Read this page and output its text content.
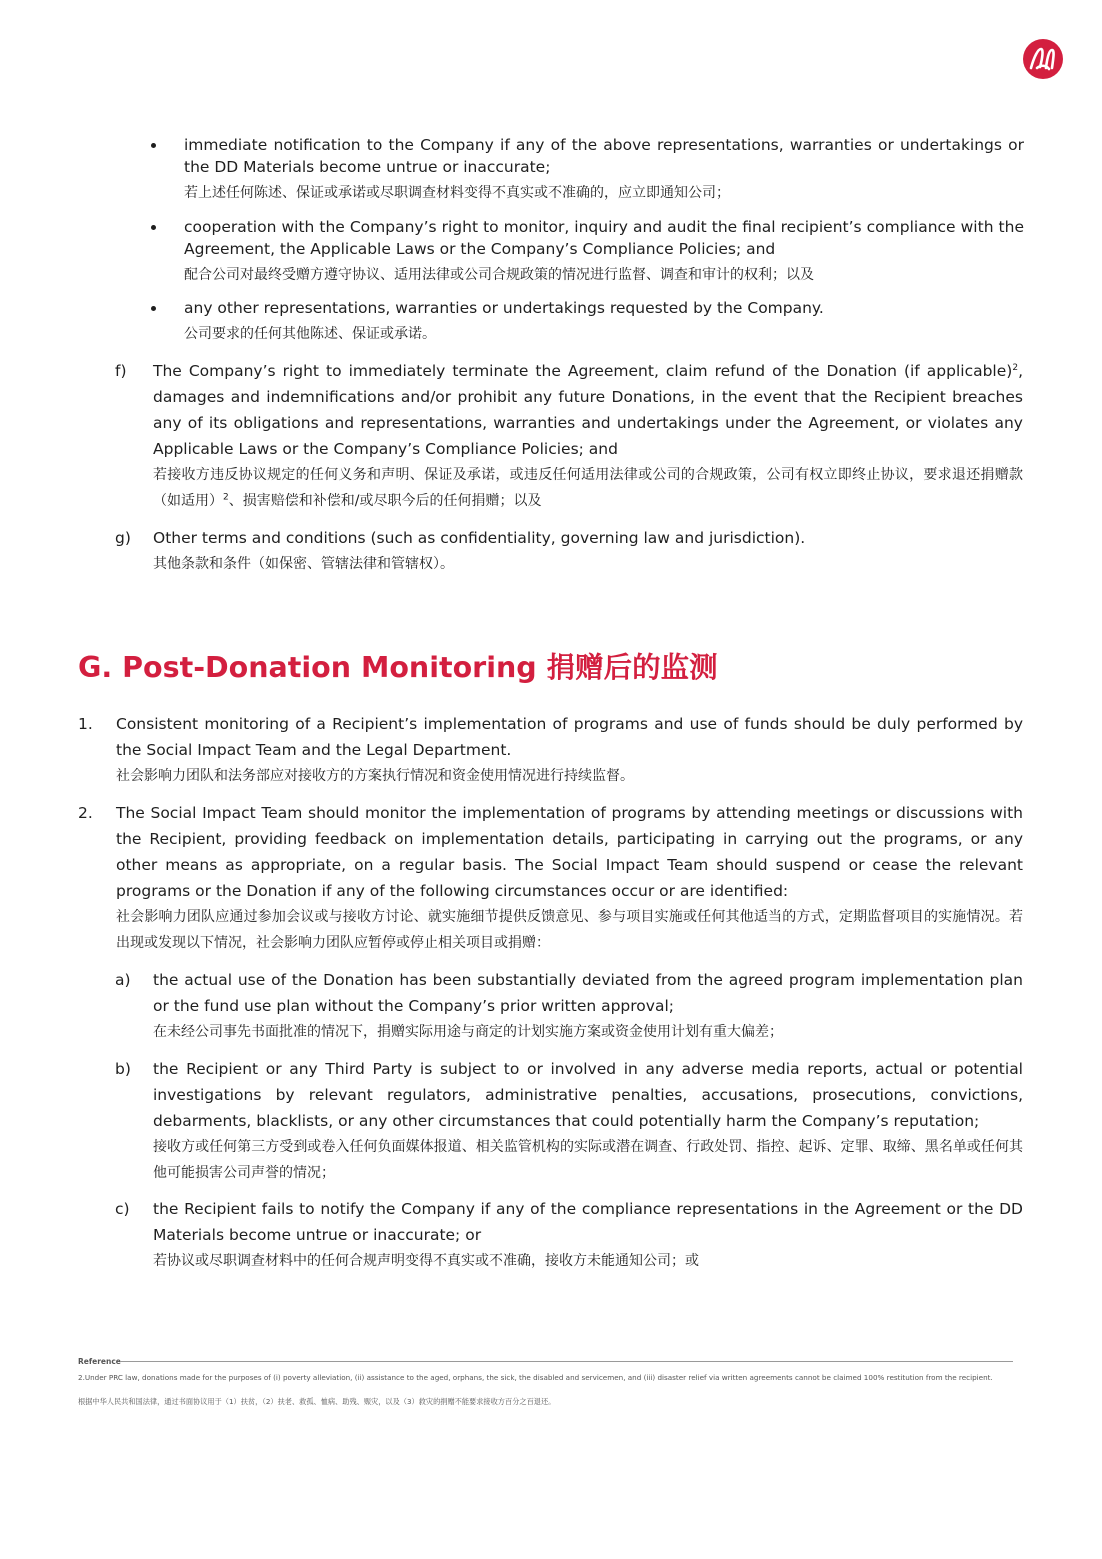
immediate notification to the Company if any of the above representations, warranties or undertakings or the DD Materials become untrue or inaccurate;

若上述任何陈述、保证或承诺或尽职调查材料变得不真实或不准确的，应立即通知公司；

cooperation with the Company’s right to monitor, inquiry and audit the final recipient’s compliance with the Agreement, the Applicable Laws or the Company’s Compliance Policies; and

配合公司对最终受赠方遵守协议、适用法律或公司合规政策的情况进行监督、调查和审计的权利；以及

any other representations, warranties or undertakings requested by the Company.

公司要求的任何其他陈述、保证或承诺。

f) The Company’s right to immediately terminate the Agreement, claim refund of the Donation (if applicable)$^2$, damages and indemnifications and/or prohibit any future Donations, in the event that the Recipient breaches any of its obligations and representations, warranties and undertakings under the Agreement, or violates any Applicable Laws or the Company’s Compliance Policies; and

若接收方违反协议规定的任何义务和声明、保证及承诺，或违反任何适用法律或公司的合规政策，公司有权立即终止协议，要求退还捐赠款（如适用）$^2$、损害赔偿和补偿和/或尽职今后的任何捐赠；以及

g) Other terms and conditions (such as confidentiality, governing law and jurisdiction).

其他条款和条件（如保密、管辖法律和管辖权）。

G. Post-Donation Monitoring 捐赠后的监测
1. Consistent monitoring of a Recipient’s implementation of programs and use of funds should be duly performed by the Social Impact Team and the Legal Department.

社会影响力团队和法务部应对接收方的方案执行情况和资金使用情况进行持续监督。

2. The Social Impact Team should monitor the implementation of programs by attending meetings or discussions with the Recipient, providing feedback on implementation details, participating in carrying out the programs, or any other means as appropriate, on a regular basis. The Social Impact Team should suspend or cease the relevant programs or the Donation if any of the following circumstances occur or are identified:

社会影响力团队应通过参加会议或与接收方讨论、就实施细节提供反馈意见、参与项目实施或任何其他适当的方式，定期监督项目的实施情况。若出现或发现以下情况，社会影响力团队应暂停或停止相关项目或捐赠：

a) the actual use of the Donation has been substantially deviated from the agreed program implementation plan or the fund use plan without the Company’s prior written approval;

在未经公司事先书面批准的情况下，捐赠实际用途与商定的计划实施方案或资金使用计划有重大偏差；

b) the Recipient or any Third Party is subject to or involved in any adverse media reports, actual or potential investigations by relevant regulators, administrative penalties, accusations, prosecutions, convictions, debarments, blacklists, or any other circumstances that could potentially harm the Company’s reputation;

接收方或任何第三方受到或卷入任何负面媒体报道、相关监管机构的实际或潜在调查、行政处罚、指控、起诉、定罪、取缔、黑名单或任何其他可能损害公司声誉的情况；

c) the Recipient fails to notify the Company if any of the compliance representations in the Agreement or the DD Materials become untrue or inaccurate; or

若协议或尽职调查材料中的任何合规声明变得不真实或不准确，接收方未能通知公司；或

Reference
2.Under PRC law, donations made for the purposes of (i) poverty alleviation, (ii) assistance to the aged, orphans, the sick, the disabled and servicemen, and (iii) disaster relief via written agreements cannot be claimed 100% restitution from the recipient.
根据中华人民共和国法律，通过书面协议用于（1）扶贫，（2）扶老、救孤、恤病、助残、赈灾，以及（3）救灾的捐赠不能要求接收方百分之百退还。
